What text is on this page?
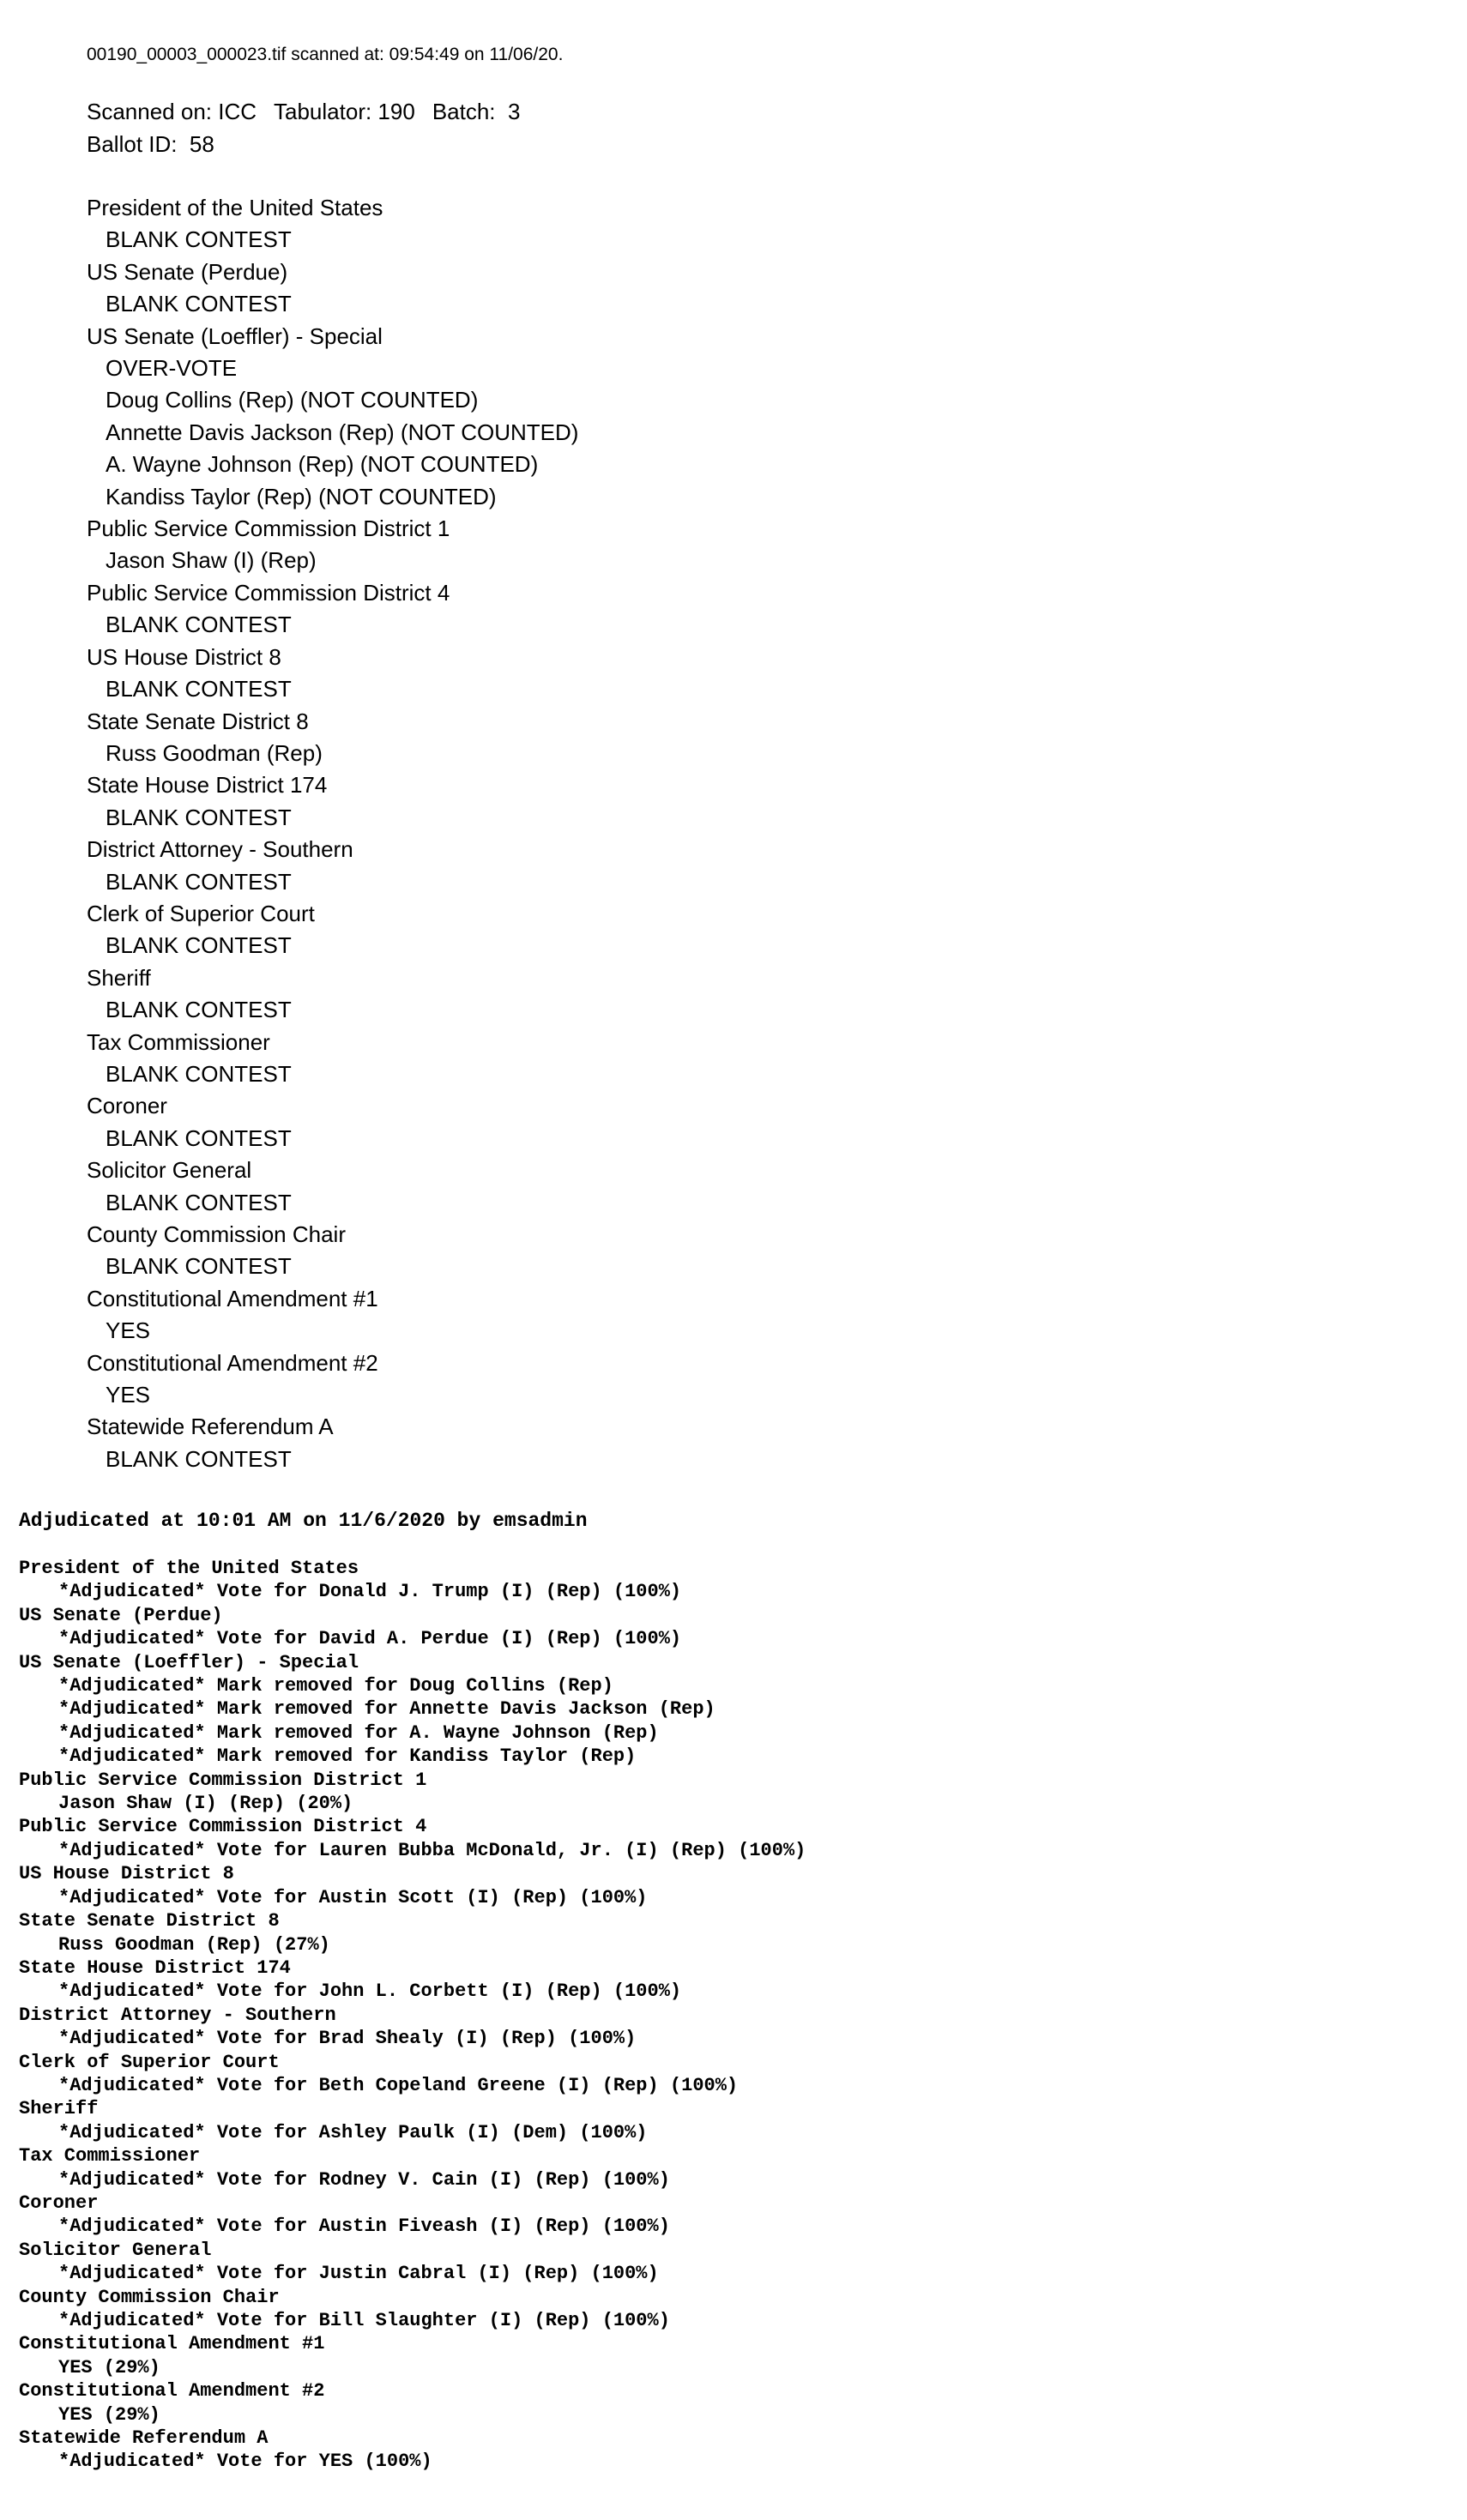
00190_00003_000023.tif scanned at: 09:54:49 on 11/06/20.
Scanned on: ICC Tabulator: 190 Batch:  3
Ballot ID:  58
President of the United States
BLANK CONTEST
US Senate (Perdue)
BLANK CONTEST
US Senate (Loeffler) - Special
OVER-VOTE
Doug Collins (Rep) (NOT COUNTED)
Annette Davis Jackson (Rep) (NOT COUNTED)
A. Wayne Johnson (Rep) (NOT COUNTED)
Kandiss Taylor (Rep) (NOT COUNTED)
Public Service Commission District 1
Jason Shaw (I) (Rep)
Public Service Commission District 4
BLANK CONTEST
US House District 8
BLANK CONTEST
State Senate District 8
Russ Goodman (Rep)
State House District 174
BLANK CONTEST
District Attorney - Southern
BLANK CONTEST
Clerk of Superior Court
BLANK CONTEST
Sheriff
BLANK CONTEST
Tax Commissioner
BLANK CONTEST
Coroner
BLANK CONTEST
Solicitor General
BLANK CONTEST
County Commission Chair
BLANK CONTEST
Constitutional Amendment #1
YES
Constitutional Amendment #2
YES
Statewide Referendum A
BLANK CONTEST
Adjudicated at 10:01 AM on 11/6/2020 by emsadmin
President of the United States
*Adjudicated* Vote for Donald J. Trump (I) (Rep) (100%)
US Senate (Perdue)
*Adjudicated* Vote for David A. Perdue (I) (Rep) (100%)
US Senate (Loeffler) - Special
*Adjudicated* Mark removed for Doug Collins (Rep)
*Adjudicated* Mark removed for Annette Davis Jackson (Rep)
*Adjudicated* Mark removed for A. Wayne Johnson (Rep)
*Adjudicated* Mark removed for Kandiss Taylor (Rep)
Public Service Commission District 1
Jason Shaw (I) (Rep) (20%)
Public Service Commission District 4
*Adjudicated* Vote for Lauren Bubba McDonald, Jr. (I) (Rep) (100%)
US House District 8
*Adjudicated* Vote for Austin Scott (I) (Rep) (100%)
State Senate District 8
Russ Goodman (Rep) (27%)
State House District 174
*Adjudicated* Vote for John L. Corbett (I) (Rep) (100%)
District Attorney - Southern
*Adjudicated* Vote for Brad Shealy (I) (Rep) (100%)
Clerk of Superior Court
*Adjudicated* Vote for Beth Copeland Greene (I) (Rep) (100%)
Sheriff
*Adjudicated* Vote for Ashley Paulk (I) (Dem) (100%)
Tax Commissioner
*Adjudicated* Vote for Rodney V. Cain (I) (Rep) (100%)
Coroner
*Adjudicated* Vote for Austin Fiveash (I) (Rep) (100%)
Solicitor General
*Adjudicated* Vote for Justin Cabral (I) (Rep) (100%)
County Commission Chair
*Adjudicated* Vote for Bill Slaughter (I) (Rep) (100%)
Constitutional Amendment #1
YES (29%)
Constitutional Amendment #2
YES (29%)
Statewide Referendum A
*Adjudicated* Vote for YES (100%)
